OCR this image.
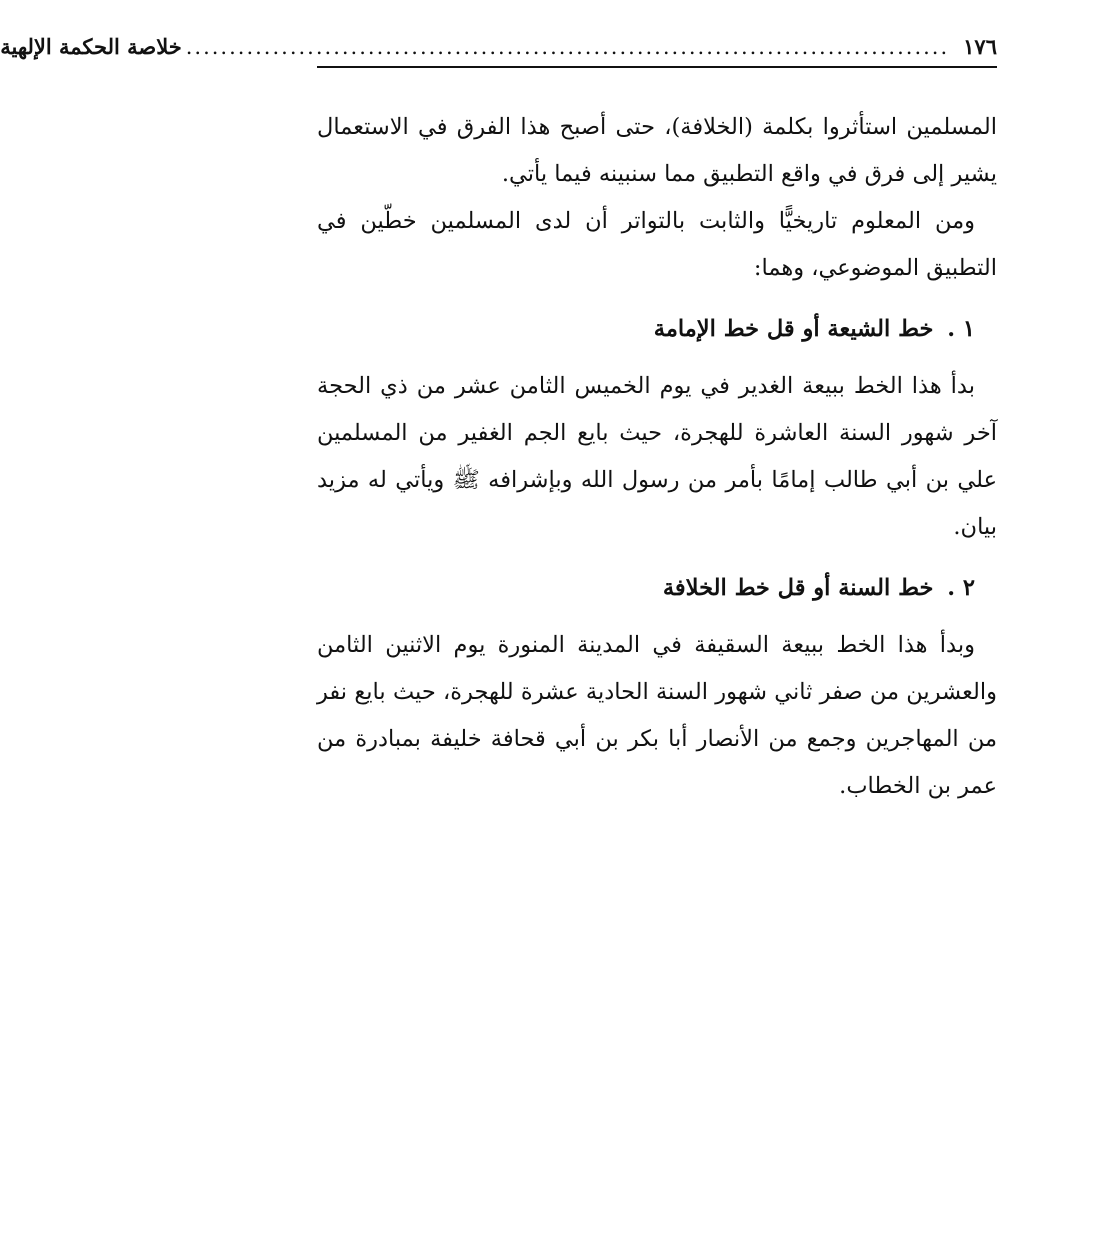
١٧٦
........................................................................................
خلاصة الحكمة الإلهية

المسلمين استأثروا بكلمة (الخلافة)، حتى أصبح هذا الفرق في الاستعمال يشير إلى فرق في واقع التطبيق مما سنبينه فيما يأتي.

ومن المعلوم تاريخيًّا والثابت بالتواتر أن لدى المسلمين خطّين في التطبيق الموضوعي، وهما:

١ . خط الشيعة أو قل خط الإمامة

بدأ هذا الخط ببيعة الغدير في يوم الخميس الثامن عشر من ذي الحجة آخر شهور السنة العاشرة للهجرة، حيث بايع الجم الغفير من المسلمين علي بن أبي طالب إمامًا بأمر من رسول الله وبإشرافه ﷺ ويأتي له مزيد بيان.

٢ . خط السنة أو قل خط الخلافة

وبدأ هذا الخط ببيعة السقيفة في المدينة المنورة يوم الاثنين الثامن والعشرين من صفر ثاني شهور السنة الحادية عشرة للهجرة، حيث بايع نفر من المهاجرين وجمع من الأنصار أبا بكر بن أبي قحافة خليفة بمبادرة من عمر بن الخطاب.
